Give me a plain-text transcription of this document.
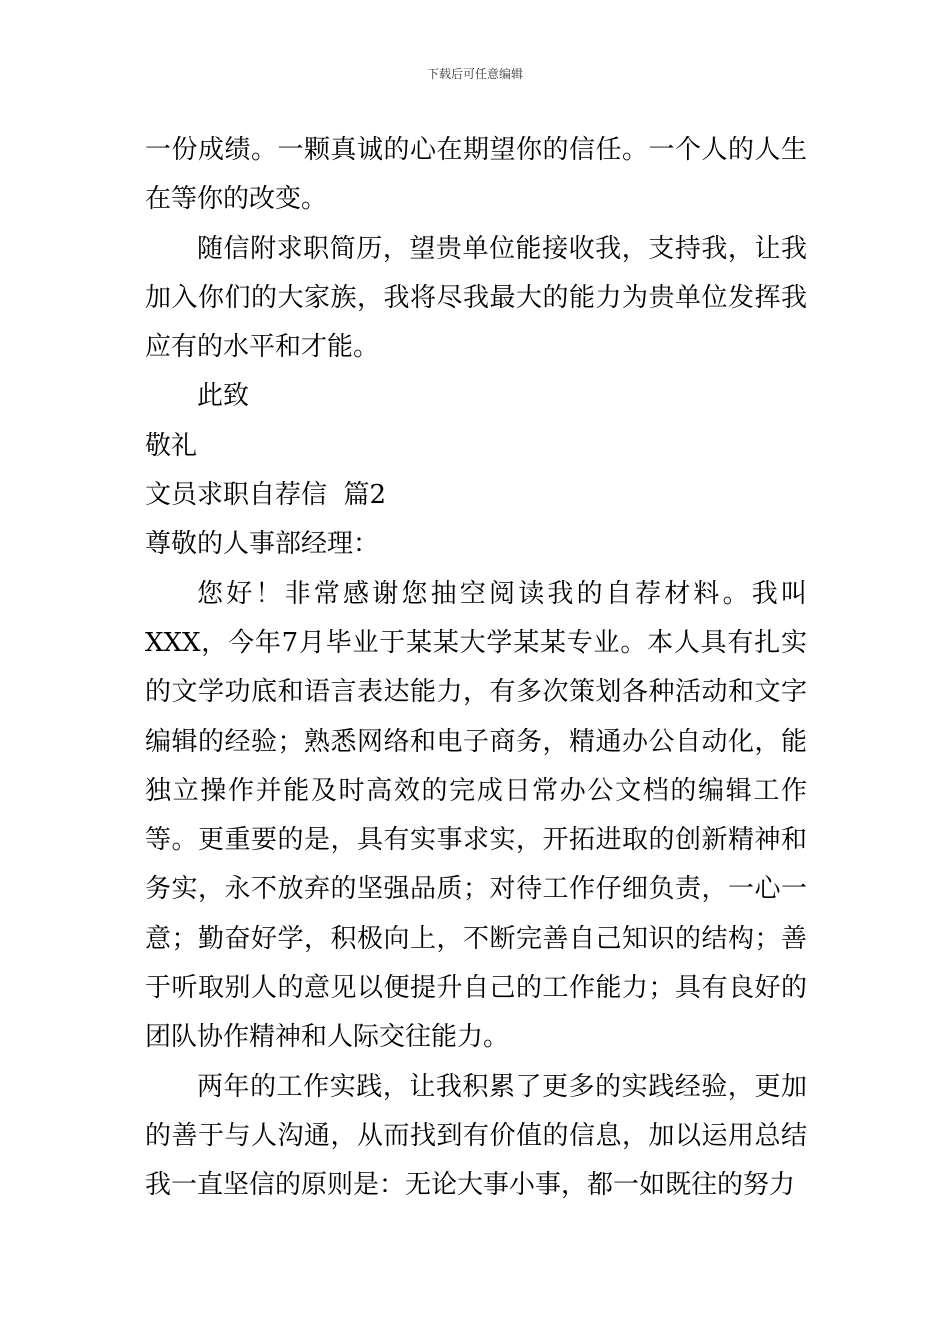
下载后可任意编辑

一份成绩。一颗真诚的心在期望你的信任。一个人的人生在等你的改变。

随信附求职简历，望贵单位能接收我，支持我，让我加入你们的大家族，我将尽我最大的能力为贵单位发挥我应有的水平和才能。

此致

敬礼

文员求职自荐信  篇2

尊敬的人事部经理：

您好！非常感谢您抽空阅读我的自荐材料。我叫XXX，今年7月毕业于某某大学某某专业。本人具有扎实的文学功底和语言表达能力，有多次策划各种活动和文字编辑的经验；熟悉网络和电子商务，精通办公自动化，能独立操作并能及时高效的完成日常办公文档的编辑工作等。更重要的是，具有实事求实，开拓进取的创新精神和务实，永不放弃的坚强品质；对待工作仔细负责，一心一意；勤奋好学，积极向上，不断完善自己知识的结构；善于听取别人的意见以便提升自己的工作能力；具有良好的团队协作精神和人际交往能力。

两年的工作实践，让我积累了更多的实践经验，更加的善于与人沟通，从而找到有价值的信息，加以运用总结我一直坚信的原则是：无论大事小事，都一如既往的努力
